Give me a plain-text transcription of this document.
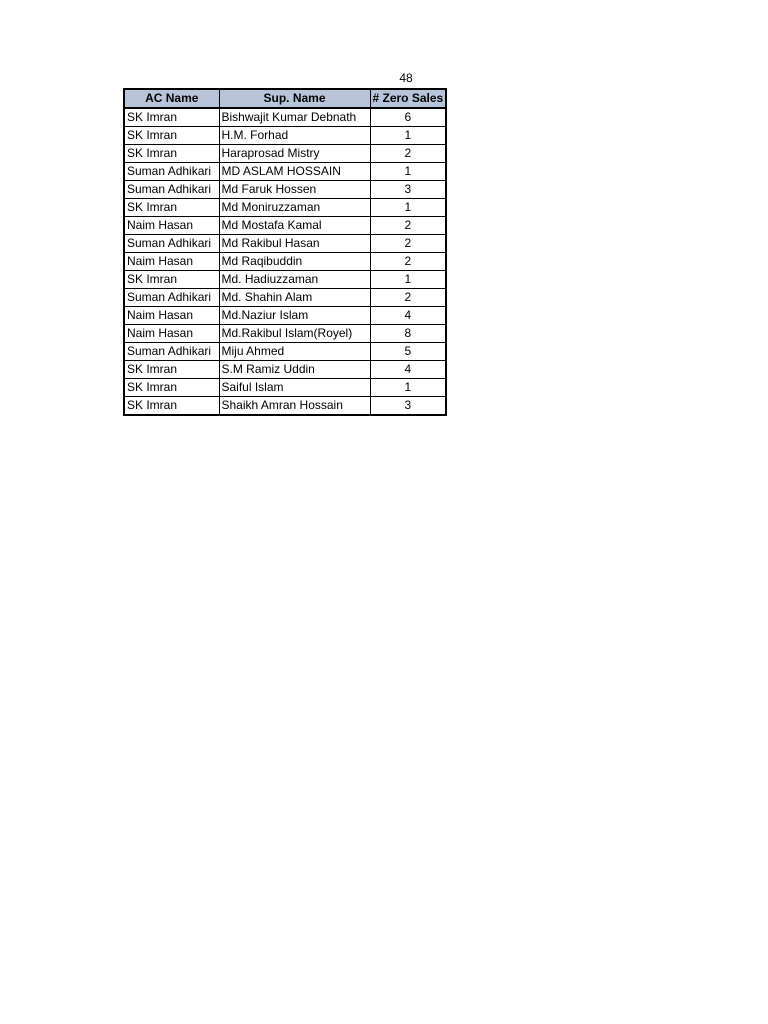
48
AC Name	Sup. Name	# Zero Sales
SK Imran	Bishwajit Kumar Debnath	6
SK Imran	H.M. Forhad	1
SK Imran	Haraprosad Mistry	2
Suman Adhikari	MD ASLAM HOSSAIN	1
Suman Adhikari	Md Faruk Hossen	3
SK Imran	Md Moniruzzaman	1
Naim Hasan	Md Mostafa Kamal	2
Suman Adhikari	Md Rakibul Hasan	2
Naim Hasan	Md Raqibuddin	2
SK Imran	Md. Hadiuzzaman	1
Suman Adhikari	Md. Shahin Alam	2
Naim Hasan	Md.Naziur Islam	4
Naim Hasan	Md.Rakibul Islam(Royel)	8
Suman Adhikari	Miju Ahmed	5
SK Imran	S.M Ramiz Uddin	4
SK Imran	Saiful Islam	1
SK Imran	Shaikh Amran Hossain	3
